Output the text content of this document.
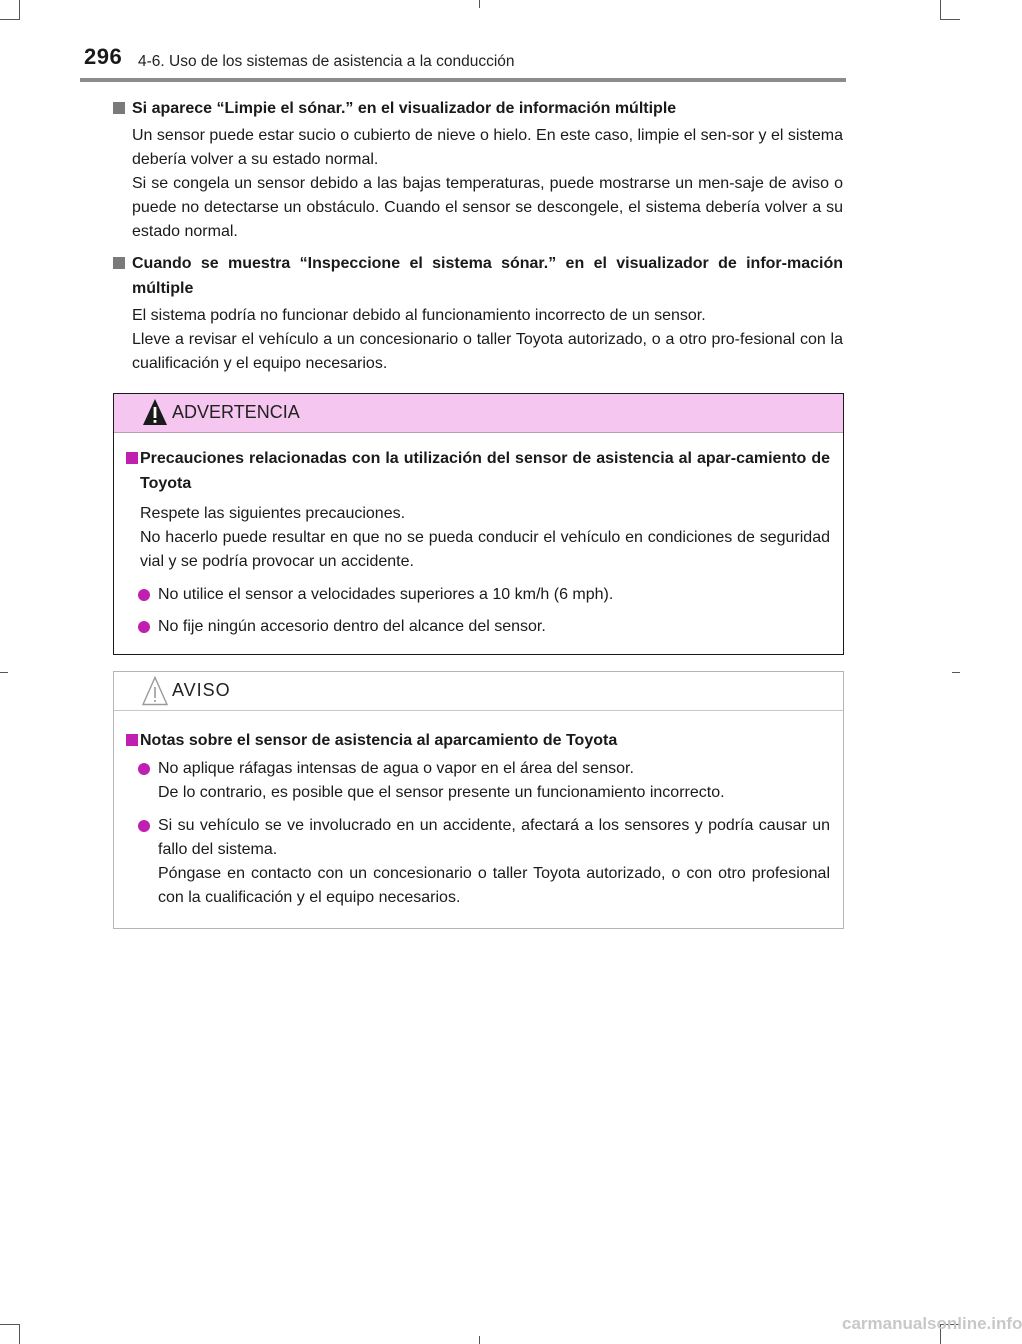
296 4-6. Uso de los sistemas de asistencia a la conducción
Si aparece “Limpie el sónar.” en el visualizador de información múltiple

Un sensor puede estar sucio o cubierto de nieve o hielo. En este caso, limpie el sen-sor y el sistema debería volver a su estado normal.

Si se congela un sensor debido a las bajas temperaturas, puede mostrarse un men-saje de aviso o puede no detectarse un obstáculo. Cuando el sensor se descongele, el sistema debería volver a su estado normal.

Cuando se muestra “Inspeccione el sistema sónar.” en el visualizador de infor-mación múltiple

El sistema podría no funcionar debido al funcionamiento incorrecto de un sensor.

Lleve a revisar el vehículo a un concesionario o taller Toyota autorizado, o a otro pro-fesional con la cualificación y el equipo necesarios.

ADVERTENCIA
Precauciones relacionadas con la utilización del sensor de asistencia al apar-camiento de Toyota

Respete las siguientes precauciones.

No hacerlo puede resultar en que no se pueda conducir el vehículo en condiciones de seguridad vial y se podría provocar un accidente.

No utilice el sensor a velocidades superiores a 10 km/h (6 mph).

No fije ningún accesorio dentro del alcance del sensor.

AVISO
Notas sobre el sensor de asistencia al aparcamiento de Toyota

No aplique ráfagas intensas de agua o vapor en el área del sensor.

De lo contrario, es posible que el sensor presente un funcionamiento incorrecto.

Si su vehículo se ve involucrado en un accidente, afectará a los sensores y podría causar un fallo del sistema.

Póngase en contacto con un concesionario o taller Toyota autorizado, o con otro profesional con la cualificación y el equipo necesarios.

carmanualsonline.info
